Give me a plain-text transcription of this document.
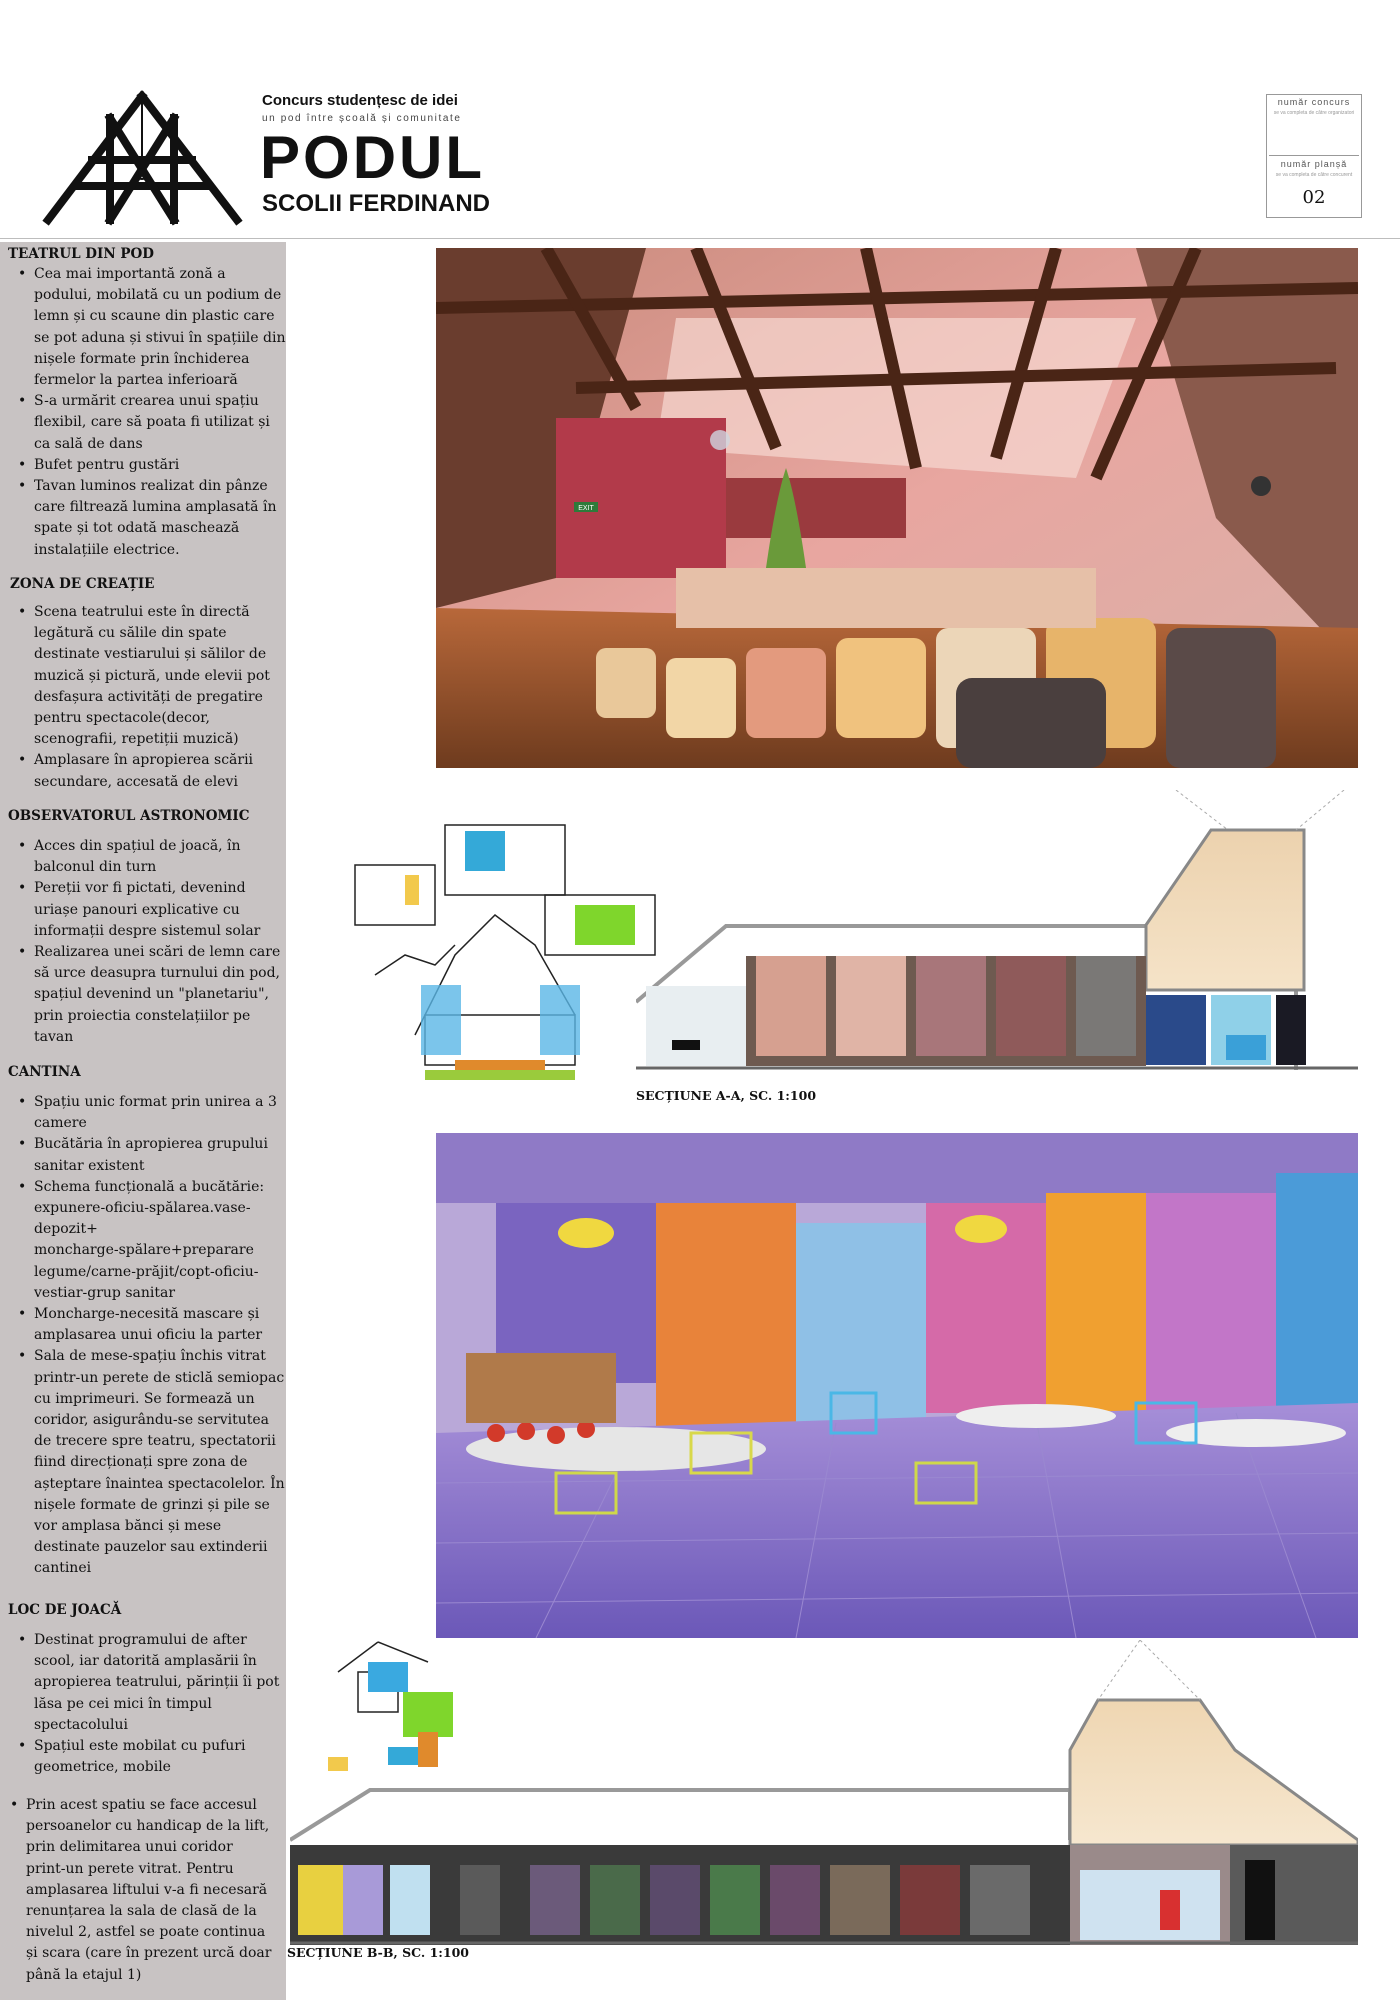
Concurs studențesc de idei
un pod între școală și comunitate
PODUL
SCOLII FERDINAND
număr concurs
se va completa de către organizatori
număr planșă
se va completa de către concurent
02
TEATRUL DIN POD
• Cea mai importantă zonă a
podului, mobilată cu un podium de
lemn și cu scaune din plastic care
se pot aduna și stivui în spațiile din
nișele formate prin închiderea
fermelor la partea inferioară
• S-a urmărit crearea unui spațiu
flexibil, care să poata fi utilizat și
ca sală de dans
• Bufet pentru gustări
• Tavan luminos realizat din pânze
care filtrează lumina amplasată în
spate și tot odată maschează
instalațiile electrice.
ZONA DE CREAȚIE
• Scena teatrului este în directă
legătură cu sălile din spate
destinate vestiarului și sălilor de
muzică și pictură, unde elevii pot
desfașura activități de pregatire
pentru spectacole(decor,
scenografii, repetiții muzică)
• Amplasare în apropierea scării
secundare, accesată de elevi
OBSERVATORUL ASTRONOMIC
• Acces din spațiul de joacă, în
balconul din turn
• Pereții vor fi pictati, devenind
uriașe panouri explicative cu
informații despre sistemul solar
• Realizarea unei scări de lemn care
să urce deasupra turnului din pod,
spațiul devenind un "planetariu",
prin proiectia constelațiilor pe
tavan
CANTINA
• Spațiu unic format prin unirea a 3
camere
• Bucătăria în apropierea grupului
sanitar existent
• Schema funcțională a bucătărie:
expunere-oficiu-spălarea.vase-
depozit+
moncharge-spălare+preparare
legume/carne-prăjit/copt-oficiu-
vestiar-grup sanitar
• Moncharge-necesită mascare și
amplasarea unui oficiu la parter
• Sala de mese-spațiu închis vitrat
printr-un perete de sticlă semiopac
cu imprimeuri. Se formează un
coridor, asigurându-se servitutea
de trecere spre teatru, spectatorii
fiind direcționați spre zona de
așteptare înaintea spectacolelor. În
nișele formate de grinzi și pile se
vor amplasa bănci și mese
destinate pauzelor sau extinderii
cantinei
LOC DE JOACĂ
• Destinat programului de after
scool, iar datorită amplasării în
apropierea teatrului, părinții îi pot
lăsa pe cei mici în timpul
spectacolului
• Spațiul este mobilat cu pufuri
geometrice, mobile
• Prin acest spatiu se face accesul
persoanelor cu handicap de la lift,
prin delimitarea unui coridor
print-un perete vitrat. Pentru
amplasarea liftului v-a fi necesară
renunțarea la sala de clasă de la
nivelul 2, astfel se poate continua
și scara (care în prezent urcă doar
până la etajul 1)
EXIT
SECȚIUNE A-A, SC. 1:100
SECȚIUNE B-B, SC. 1:100
